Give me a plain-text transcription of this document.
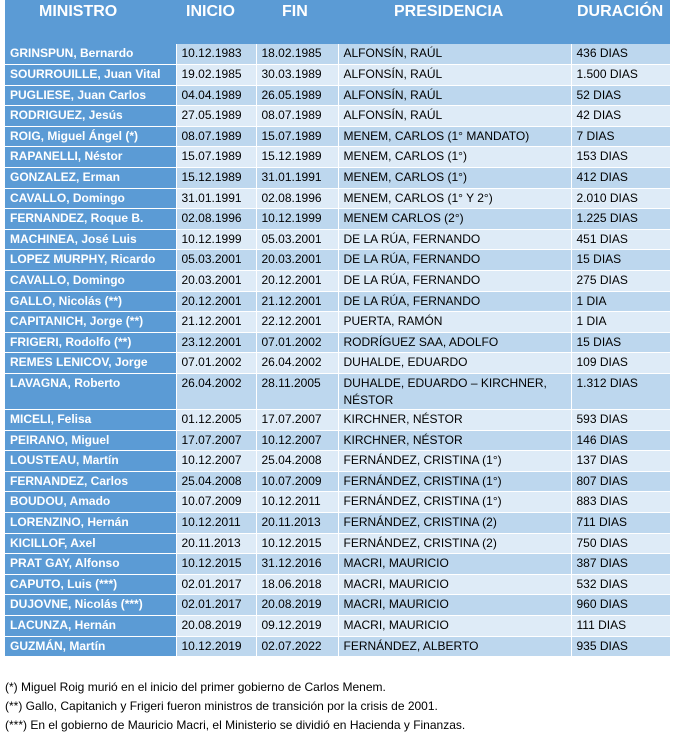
MINISTRO	INICIO	FIN	PRESIDENCIA	DURACIÓN
GRINSPUN, Bernardo	10.12.1983	18.02.1985	ALFONSÍN, RAÚL	436 DIAS
SOURROUILLE, Juan Vital	19.02.1985	30.03.1989	ALFONSÍN, RAÚL	1.500 DIAS
PUGLIESE, Juan Carlos	04.04.1989	26.05.1989	ALFONSÍN, RAÚL	52 DIAS
RODRIGUEZ, Jesús	27.05.1989	08.07.1989	ALFONSÍN, RAÚL	42 DIAS
ROIG, Miguel Ángel (*)	08.07.1989	15.07.1989	MENEM, CARLOS (1° MANDATO)	7 DIAS
RAPANELLI, Néstor	15.07.1989	15.12.1989	MENEM, CARLOS (1°)	153 DIAS
GONZALEZ, Erman	15.12.1989	31.01.1991	MENEM, CARLOS (1°)	412 DIAS
CAVALLO, Domingo	31.01.1991	02.08.1996	MENEM, CARLOS (1° Y 2°)	2.010 DIAS
FERNANDEZ, Roque B.	02.08.1996	10.12.1999	MENEM CARLOS (2°)	1.225 DIAS
MACHINEA, José Luis	10.12.1999	05.03.2001	DE LA RÚA, FERNANDO	451 DIAS
LOPEZ MURPHY, Ricardo	05.03.2001	20.03.2001	DE LA RÚA, FERNANDO	15 DIAS
CAVALLO, Domingo	20.03.2001	20.12.2001	DE LA RÚA, FERNANDO	275 DIAS
GALLO, Nicolás (**)	20.12.2001	21.12.2001	DE LA RÚA, FERNANDO	1 DIA
CAPITANICH, Jorge (**)	21.12.2001	22.12.2001	PUERTA, RAMÓN	1 DIA
FRIGERI, Rodolfo (**)	23.12.2001	07.01.2002	RODRÍGUEZ SAA, ADOLFO	15 DIAS
REMES LENICOV, Jorge	07.01.2002	26.04.2002	DUHALDE, EDUARDO	109 DIAS
LAVAGNA, Roberto	26.04.2002	28.11.2005	DUHALDE, EDUARDO – KIRCHNER, NÉSTOR	1.312 DIAS
MICELI, Felisa	01.12.2005	17.07.2007	KIRCHNER, NÉSTOR	593 DIAS
PEIRANO, Miguel	17.07.2007	10.12.2007	KIRCHNER, NÉSTOR	146 DIAS
LOUSTEAU, Martín	10.12.2007	25.04.2008	FERNÁNDEZ, CRISTINA (1°)	137 DIAS
FERNANDEZ, Carlos	25.04.2008	10.07.2009	FERNÁNDEZ, CRISTINA (1°)	807 DIAS
BOUDOU, Amado	10.07.2009	10.12.2011	FERNÁNDEZ, CRISTINA (1°)	883 DIAS
LORENZINO, Hernán	10.12.2011	20.11.2013	FERNÁNDEZ, CRISTINA (2)	711 DIAS
KICILLOF, Axel	20.11.2013	10.12.2015	FERNÁNDEZ, CRISTINA (2)	750 DIAS
PRAT GAY, Alfonso	10.12.2015	31.12.2016	MACRI, MAURICIO	387 DIAS
CAPUTO, Luis (***)	02.01.2017	18.06.2018	MACRI, MAURICIO	532 DIAS
DUJOVNE, Nicolás (***)	02.01.2017	20.08.2019	MACRI, MAURICIO	960 DIAS
LACUNZA, Hernán	20.08.2019	09.12.2019	MACRI, MAURICIO	111 DIAS
GUZMÁN, Martín	10.12.2019	02.07.2022	FERNÁNDEZ, ALBERTO	935 DIAS
(*) Miguel Roig murió en el inicio del primer gobierno de Carlos Menem.
(**) Gallo, Capitanich y Frigeri fueron ministros de transición por la crisis de 2001.
(***) En el gobierno de Mauricio Macri, el Ministerio se dividió en Hacienda y Finanzas.
